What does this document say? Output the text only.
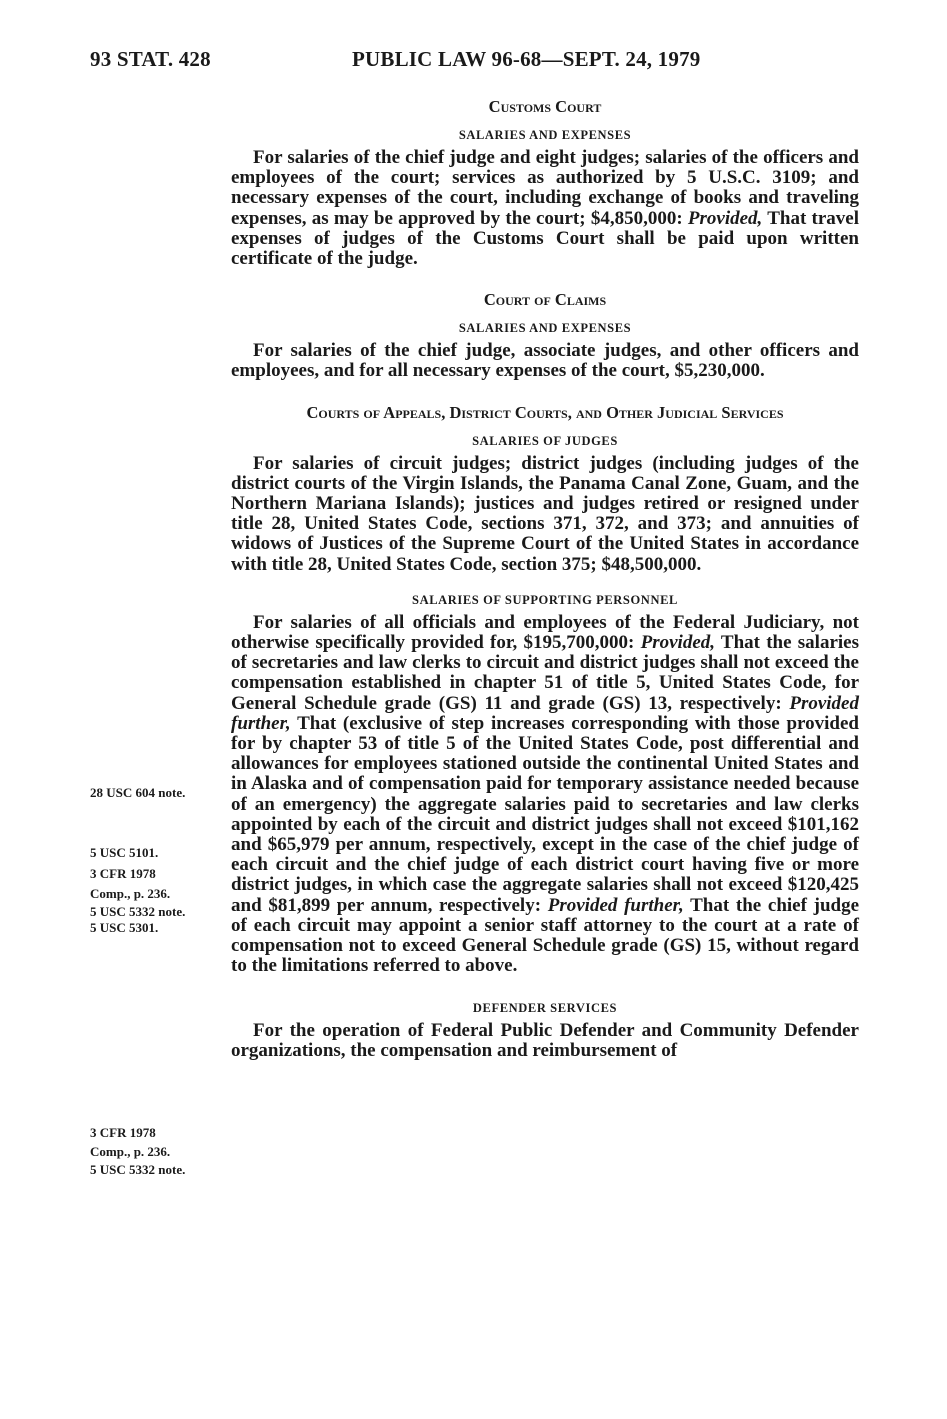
93 STAT. 428	PUBLIC LAW 96-68—SEPT. 24, 1979
Customs Court
SALARIES AND EXPENSES

For salaries of the chief judge and eight judges; salaries of the officers and employees of the court; services as authorized by 5 U.S.C. 3109; and necessary expenses of the court, including exchange of books and traveling expenses, as may be approved by the court; $4,850,000: Provided, That travel expenses of judges of the Customs Court shall be paid upon written certificate of the judge.

Court of Claims
SALARIES AND EXPENSES

For salaries of the chief judge, associate judges, and other officers and employees, and for all necessary expenses of the court, $5,230,000.

Courts of Appeals, District Courts, and Other Judicial Services
SALARIES OF JUDGES

For salaries of circuit judges; district judges (including judges of the district courts of the Virgin Islands, the Panama Canal Zone, Guam, and the Northern Mariana Islands); justices and judges retired or resigned under title 28, United States Code, sections 371, 372, and 373; and annuities of widows of Justices of the Supreme Court of the United States in accordance with title 28, United States Code, section 375; $48,500,000.

SALARIES OF SUPPORTING PERSONNEL

For salaries of all officials and employees of the Federal Judiciary, not otherwise specifically provided for, $195,700,000: Provided, That the salaries of secretaries and law clerks to circuit and district judges shall not exceed the compensation established in chapter 51 of title 5, United States Code, for General Schedule grade (GS) 11 and grade (GS) 13, respectively: Provided further, That (exclusive of step increases corresponding with those provided for by chapter 53 of title 5 of the United States Code, post differential and allowances for employees stationed outside the continental United States and in Alaska and of compensation paid for temporary assistance needed because of an emergency) the aggregate salaries paid to secretaries and law clerks appointed by each of the circuit and district judges shall not exceed $101,162 and $65,979 per annum, respectively, except in the case of the chief judge of each circuit and the chief judge of each district court having five or more district judges, in which case the aggregate salaries shall not exceed $120,425 and $81,899 per annum, respectively: Provided further, That the chief judge of each circuit may appoint a senior staff attorney to the court at a rate of compensation not to exceed General Schedule grade (GS) 15, without regard to the limitations referred to above.

DEFENDER SERVICES

For the operation of Federal Public Defender and Community Defender organizations, the compensation and reimbursement of

28 USC 604 note.
5 USC 5101.
3 CFR 1978
Comp., p. 236.
5 USC 5332 note.
5 USC 5301.
3 CFR 1978
Comp., p. 236.
5 USC 5332 note.
